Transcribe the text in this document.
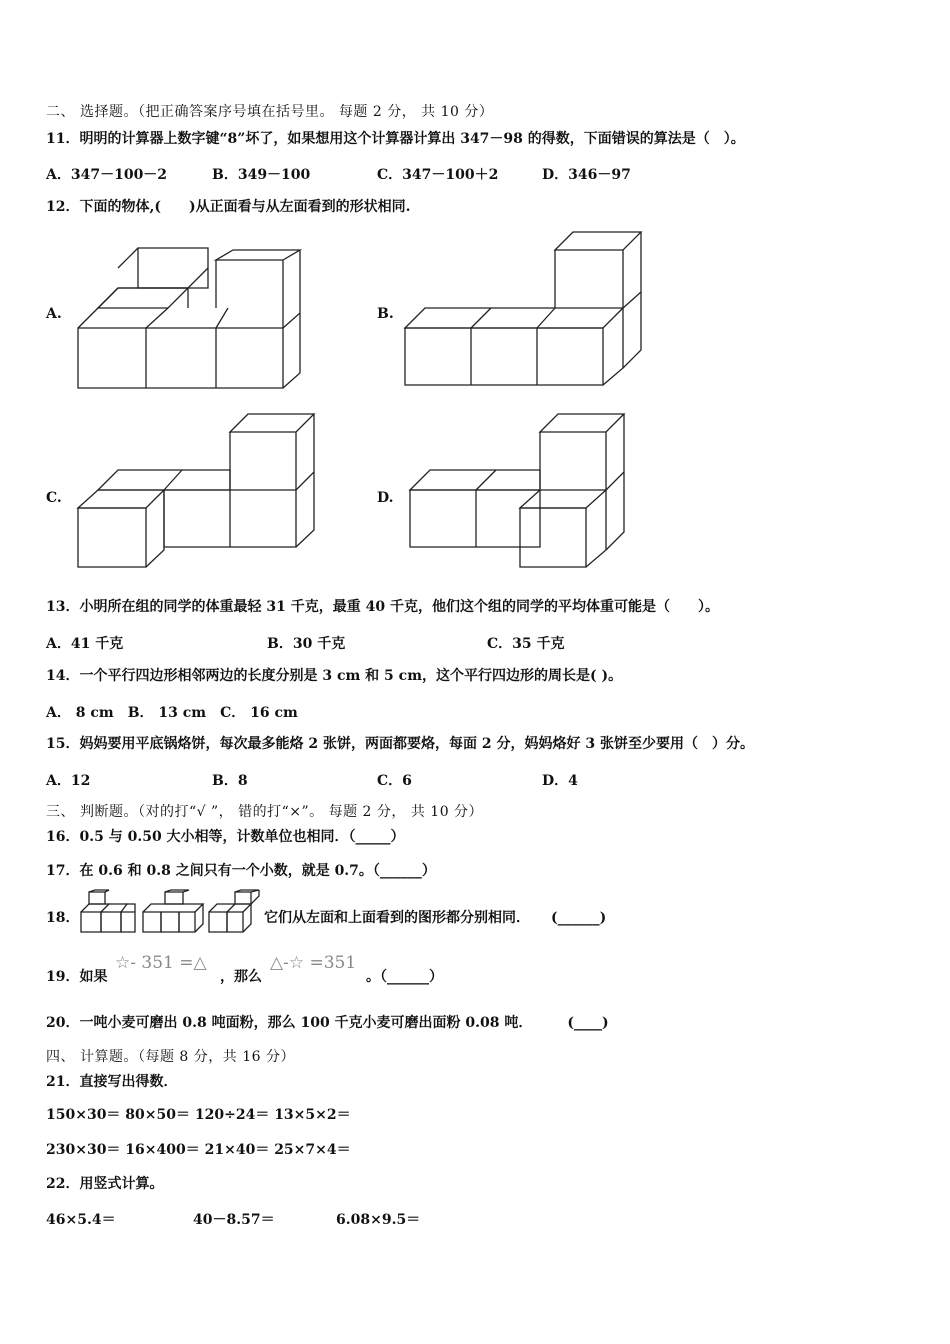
二、 选择题。（把正确答案序号填在括号里。 每题 2 分， 共 10 分）
11．明明的计算器上数字键“8”坏了，如果想用这个计算器计算出 347－98 的得数，下面错误的算法是（　）。
A．347－100－2	B．349－100	C．347－100＋2	D．346－97
12．下面的物体,(　　)从正面看与从左面看到的形状相同.
A.	B.
C.	D.
13．小明所在组的同学的体重最轻 31 千克，最重 40 千克，他们这个组的同学的平均体重可能是（　　）。
A．41 千克	B．30 千克	C．35 千克
14．一个平行四边形相邻两边的长度分别是 3 cm 和 5 cm，这个平行四边形的周长是( )。
A． 8 cm　B． 13 cm　C． 16 cm
15．妈妈要用平底锅烙饼，每次最多能烙 2 张饼，两面都要烙，每面 2 分，妈妈烙好 3 张饼至少要用（　）分。
A．12	B．8	C．6	D．4
三、 判断题。（对的打“√ ”， 错的打“×”。 每题 2 分， 共 10 分）
16．0.5 与 0.50 大小相等，计数单位也相同．（_____）
17．在 0.6 和 0.8 之间只有一个小数，就是 0.7。（______）
18．	它们从左面和上面看到的图形都分别相同．　　(______)
19．如果
☆- 351 =△
，那么
△-☆ =351
。（______）
20．一吨小麦可磨出 0.8 吨面粉，那么 100 千克小麦可磨出面粉 0.08 吨．　　　(____)
四、 计算题。（每题 8 分，共 16 分）
21．直接写出得数．
150×30＝ 80×50＝ 120÷24＝ 13×5×2＝
230×30＝ 16×400＝ 21×40＝ 25×7×4＝
22．用竖式计算。
46×5.4＝	40－8.57＝	6.08×9.5＝
